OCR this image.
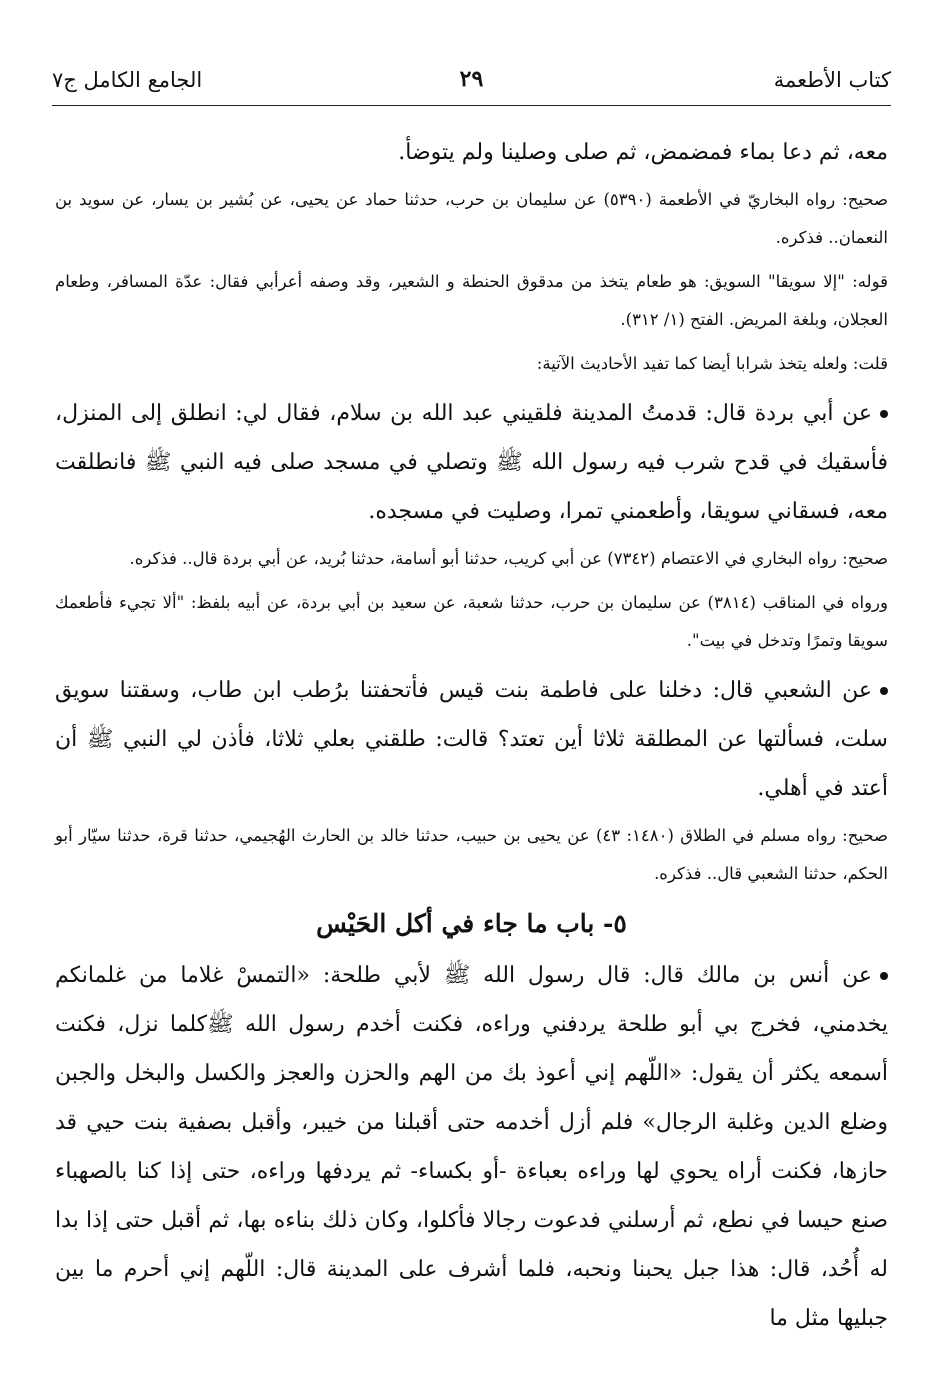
كتاب الأطعمة
٢٩
الجامع الكامل ج٧

معه، ثم دعا بماء فمضمض، ثم صلى وصلينا ولم يتوضأ.

صحيح: رواه البخاريّ في الأطعمة (٥٣٩٠) عن سليمان بن حرب، حدثنا حماد عن يحيى، عن بُشير بن يسار، عن سويد بن النعمان.. فذكره.

قوله: "إلا سويقا" السويق: هو طعام يتخذ من مدقوق الحنطة و الشعير، وقد وصفه أعرأبي فقال: عدّة المسافر، وطعام العجلان، وبلغة المريض. الفتح (١/ ٣١٢).

قلت: ولعله يتخذ شرابا أيضا كما تفيد الأحاديث الآتية:

عن أبي بردة قال: قدمتُ المدينة فلقيني عبد الله بن سلام، فقال لي: انطلق إلى المنزل، فأسقيك في قدح شرب فيه رسول الله ﷺ وتصلي في مسجد صلى فيه النبي ﷺ فانطلقت معه، فسقاني سويقا، وأطعمني تمرا، وصليت في مسجده.

صحيح: رواه البخاري في الاعتصام (٧٣٤٢) عن أبي كريب، حدثنا أبو أسامة، حدثنا بُريد، عن أبي بردة قال.. فذكره.

ورواه في المناقب (٣٨١٤) عن سليمان بن حرب، حدثنا شعبة، عن سعيد بن أبي بردة، عن أبيه بلفظ: "ألا تجيء فأطعمك سويقا وتمرًا وتدخل في بيت".

عن الشعبي قال: دخلنا على فاطمة بنت قيس فأتحفتنا برُطب ابن طاب، وسقتنا سويق سلت، فسألتها عن المطلقة ثلاثا أين تعتد؟ قالت: طلقني بعلي ثلاثا، فأذن لي النبي ﷺ أن أعتد في أهلي.

صحيح: رواه مسلم في الطلاق (١٤٨٠: ٤٣) عن يحيى بن حبيب، حدثنا خالد بن الحارث الهُجيمي، حدثنا قرة، حدثنا سيّار أبو الحكم، حدثنا الشعبي قال.. فذكره.

٥- باب ما جاء في أكل الحَيْس

عن أنس بن مالك قال: قال رسول الله ﷺ لأبي طلحة: «التمسْ غلاما من غلمانكم يخدمني، فخرج بي أبو طلحة يردفني وراءه، فكنت أخدم رسول الله ﷺكلما نزل، فكنت أسمعه يكثر أن يقول: «اللّهم إني أعوذ بك من الهم والحزن والعجز والكسل والبخل والجبن وضلع الدين وغلبة الرجال» فلم أزل أخدمه حتى أقبلنا من خيبر، وأقبل بصفية بنت حيي قد حازها، فكنت أراه يحوي لها وراءه بعباءة -أو بكساء- ثم يردفها وراءه، حتى إذا كنا بالصهباء صنع حيسا في نطع، ثم أرسلني فدعوت رجالا فأكلوا، وكان ذلك بناءه بها، ثم أقبل حتى إذا بدا له أُحُد، قال: هذا جبل يحبنا ونحبه، فلما أشرف على المدينة قال: اللّهم إني أحرم ما بين جبليها مثل ما
